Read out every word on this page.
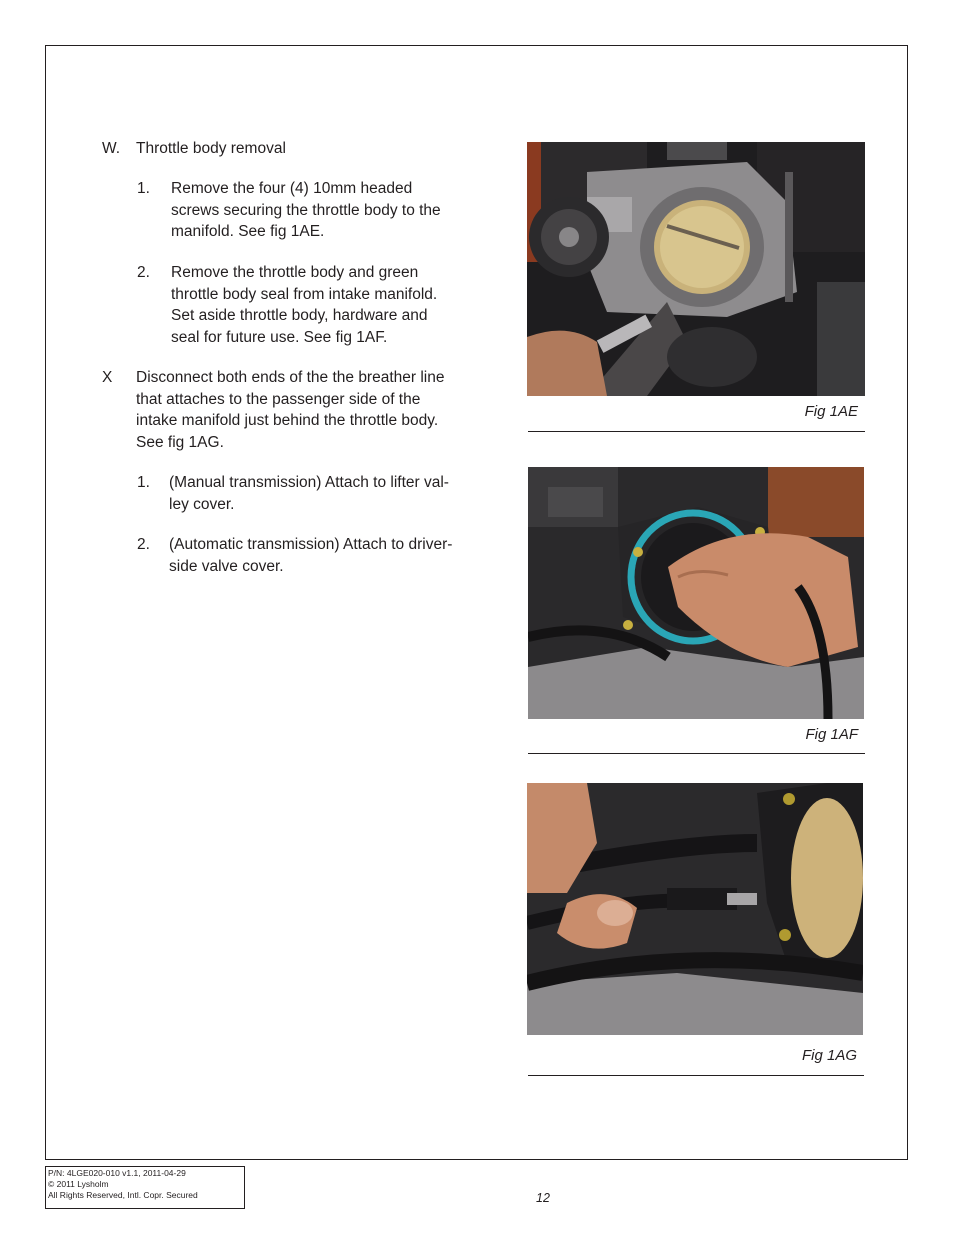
W. Throttle body removal
1. Remove the four (4) 10mm headed
screws securing the throttle body to the
manifold. See fig 1AE.
2. Remove the throttle body and green
throttle body seal from intake manifold.
Set aside throttle body, hardware and
seal for future use. See fig 1AF.
X Disconnect both ends of the the breather line
that attaches to the passenger side of the
intake manifold just behind the throttle body.
See fig 1AG.
1. (Manual transmission) Attach to lifter val-
ley cover.
2. (Automatic transmission) Attach to driver-
side valve cover.
Fig 1AE
Fig 1AF
Fig 1AG
P/N: 4LGE020-010 v1.1, 2011-04-29
© 2011 Lysholm
All Rights Reserved, Intl. Copr. Secured	12
